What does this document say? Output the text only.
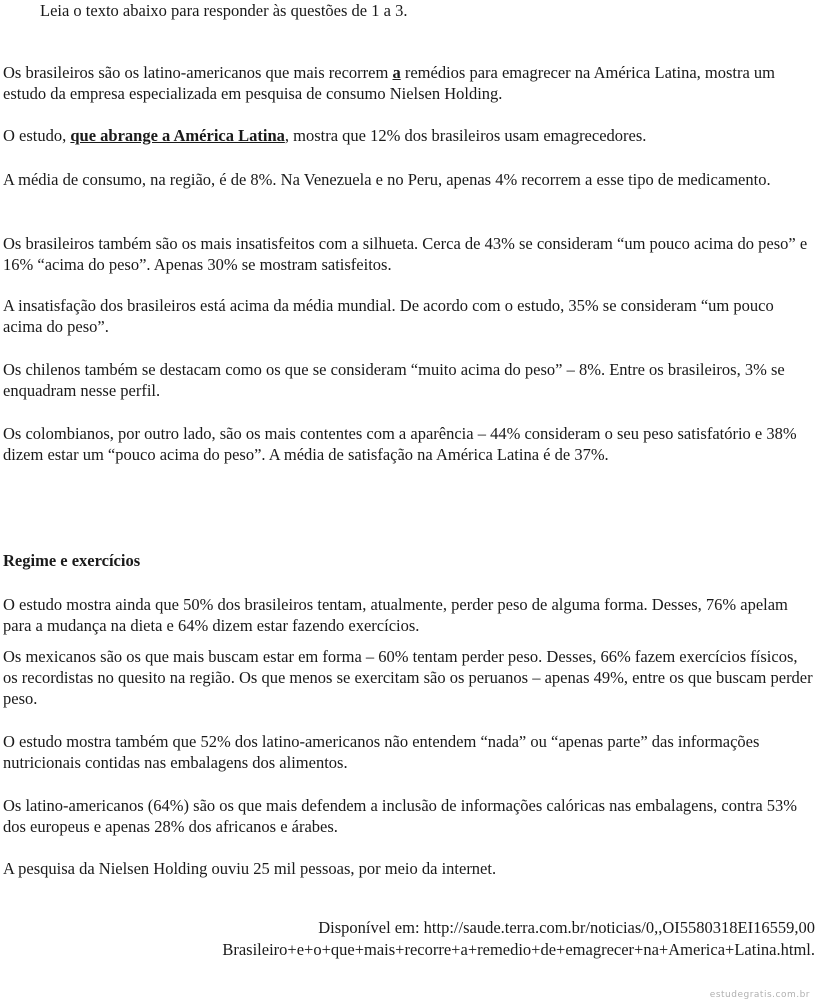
Leia o texto abaixo para responder às questões de 1 a 3.

Os brasileiros são os latino-americanos que mais recorrem a remédios para emagrecer na América Latina, mostra um estudo da empresa especializada em pesquisa de consumo Nielsen Holding.

O estudo, que abrange a América Latina, mostra que 12% dos brasileiros usam emagrecedores.

A média de consumo, na região, é de 8%. Na Venezuela e no Peru, apenas 4% recorrem a esse tipo de medicamento.

Os brasileiros também são os mais insatisfeitos com a silhueta. Cerca de 43% se consideram “um pouco acima do peso” e 16% “acima do peso”. Apenas 30% se mostram satisfeitos.

A insatisfação dos brasileiros está acima da média mundial. De acordo com o estudo, 35% se consideram “um pouco acima do peso”.

Os chilenos também se destacam como os que se consideram “muito acima do peso” – 8%. Entre os brasileiros, 3% se enquadram nesse perfil.

Os colombianos, por outro lado, são os mais contentes com a aparência – 44% consideram o seu peso satisfatório e 38% dizem estar um “pouco acima do peso”. A média de satisfação na América Latina é de 37%.

Regime e exercícios

O estudo mostra ainda que 50% dos brasileiros tentam, atualmente, perder peso de alguma forma. Desses, 76% apelam para a mudança na dieta e 64% dizem estar fazendo exercícios.

Os mexicanos são os que mais buscam estar em forma – 60% tentam perder peso. Desses, 66% fazem exercícios físicos, os recordistas no quesito na região. Os que menos se exercitam são os peruanos – apenas 49%, entre os que buscam perder peso.

O estudo mostra também que 52% dos latino-americanos não entendem “nada” ou “apenas parte” das informações nutricionais contidas nas embalagens dos alimentos.

Os latino-americanos (64%) são os que mais defendem a inclusão de informações calóricas nas embalagens, contra 53% dos europeus e apenas 28% dos africanos e árabes.

A pesquisa da Nielsen Holding ouviu 25 mil pessoas, por meio da internet.

Disponível em: http://saude.terra.com.br/noticias/0,,OI5580318EI16559,00
Brasileiro+e+o+que+mais+recorre+a+remedio+de+emagrecer+na+America+Latina.html.
estudegratis.com.br
